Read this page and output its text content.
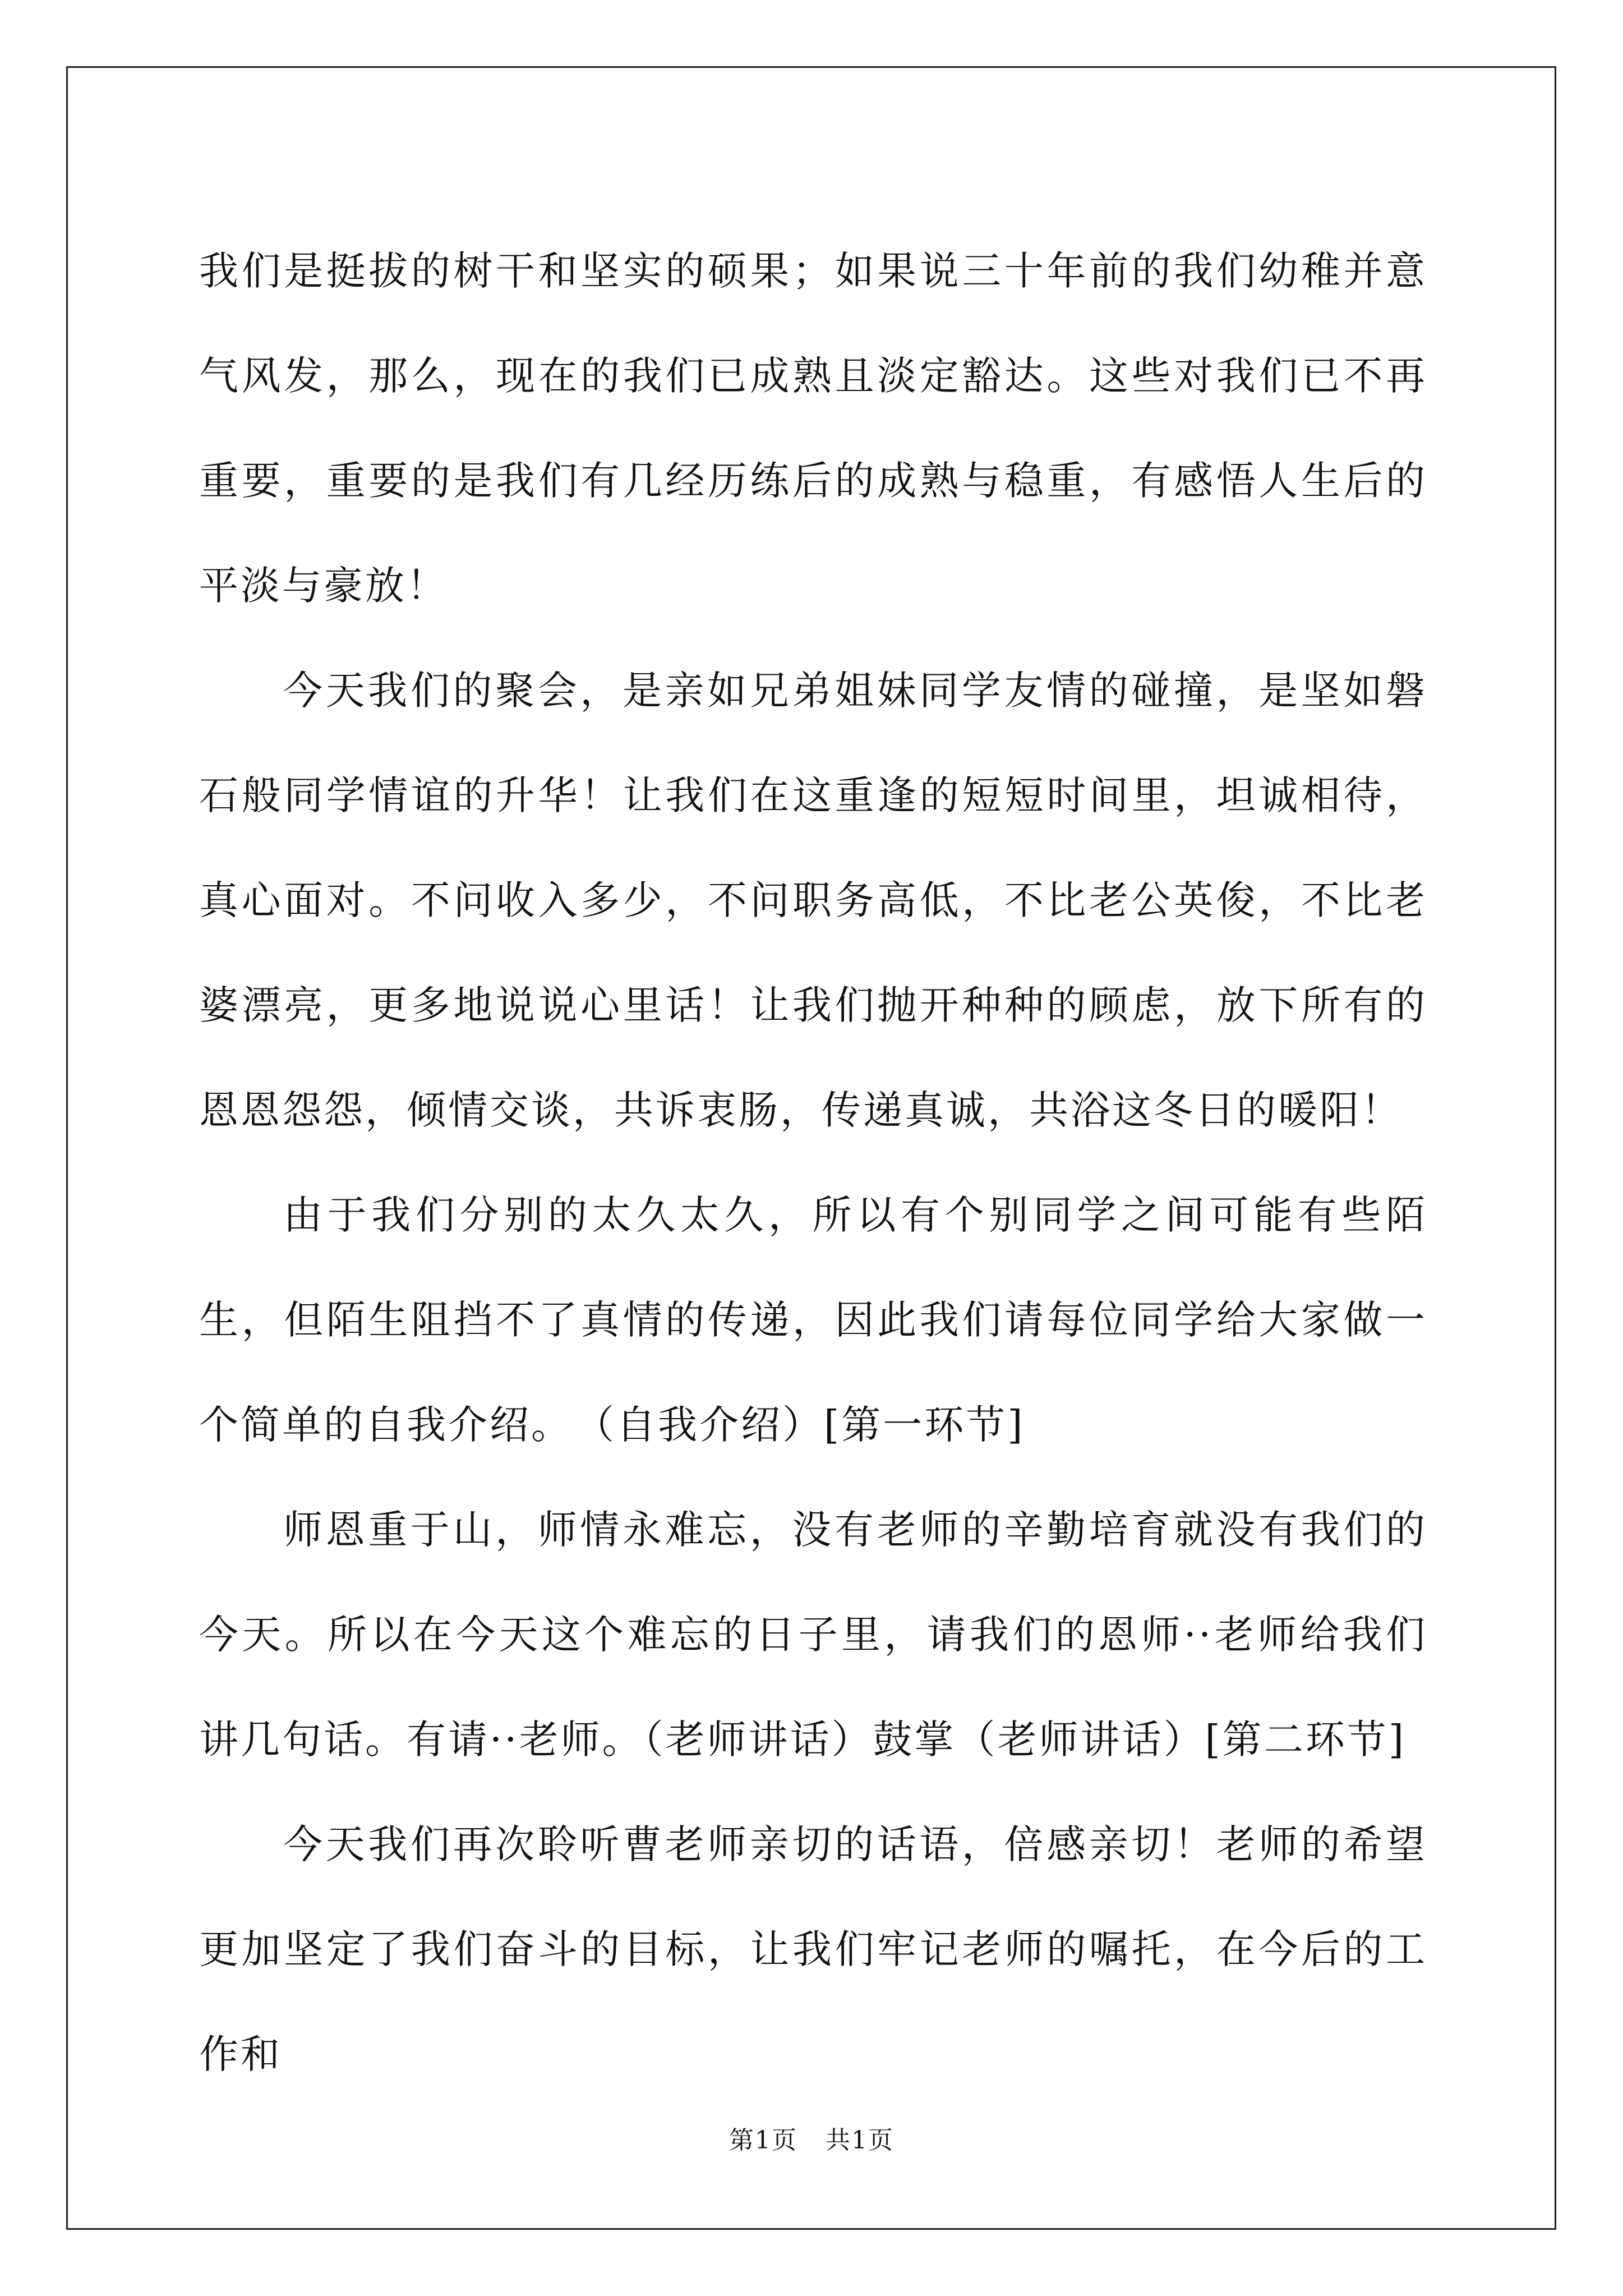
我们是挺拔的树干和坚实的硕果；如果说三十年前的我们幼稚并意气风发，那么，现在的我们已成熟且淡定豁达。这些对我们已不再重要，重要的是我们有几经历练后的成熟与稳重，有感悟人生后的平淡与豪放！

今天我们的聚会，是亲如兄弟姐妹同学友情的碰撞，是坚如磐石般同学情谊的升华！让我们在这重逢的短短时间里，坦诚相待，真心面对。不问收入多少，不问职务高低，不比老公英俊，不比老婆漂亮，更多地说说心里话！让我们抛开种种的顾虑，放下所有的恩恩怨怨，倾情交谈，共诉衷肠，传递真诚，共浴这冬日的暖阳！

由于我们分别的太久太久，所以有个别同学之间可能有些陌生，但陌生阻挡不了真情的传递，因此我们请每位同学给大家做一个简单的自我介绍。　（自我介绍）[第一环节]

师恩重于山，师情永难忘，没有老师的辛勤培育就没有我们的今天。所以在今天这个难忘的日子里，请我们的恩师··老师给我们讲几句话。有请··老师。（老师讲话）鼓掌（老师讲话）[第二环节]

今天我们再次聆听曹老师亲切的话语，倍感亲切！老师的希望更加坚定了我们奋斗的目标，让我们牢记老师的嘱托，在今后的工作和

第1页 共1页
